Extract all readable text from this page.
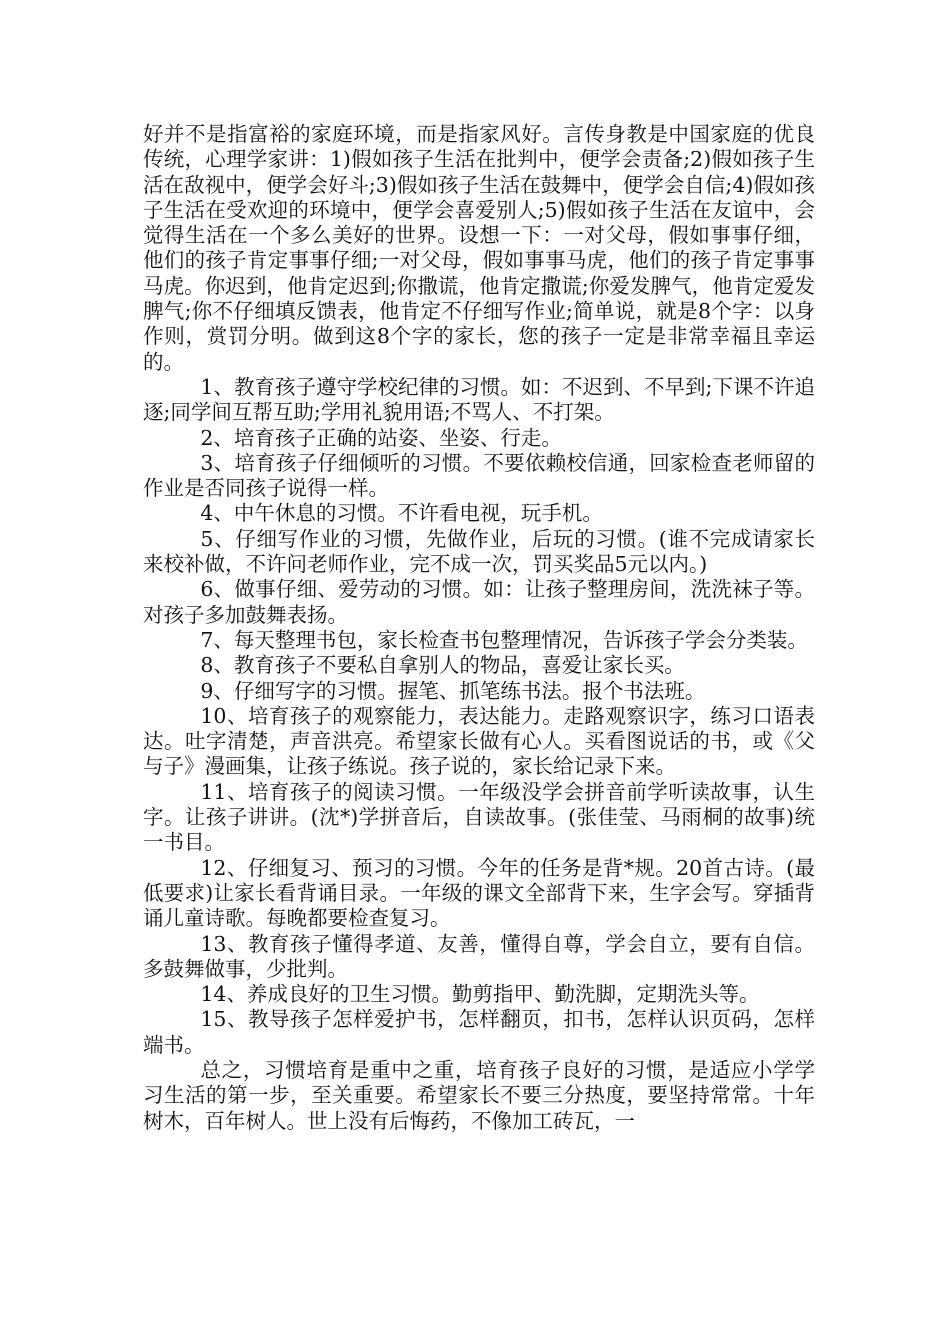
好并不是指富裕的家庭环境，而是指家风好。言传身教是中国家庭的优良传统，心理学家讲：1)假如孩子生活在批判中，便学会责备;2)假如孩子生活在敌视中，便学会好斗;3)假如孩子生活在鼓舞中，便学会自信;4)假如孩子生活在受欢迎的环境中，便学会喜爱别人;5)假如孩子生活在友谊中，会觉得生活在一个多么美好的世界。设想一下：一对父母，假如事事仔细，他们的孩子肯定事事仔细;一对父母，假如事事马虎，他们的孩子肯定事事马虎。你迟到，他肯定迟到;你撒谎，他肯定撒谎;你爱发脾气，他肯定爱发脾气;你不仔细填反馈表，他肯定不仔细写作业;简单说，就是8个字：以身作则，赏罚分明。做到这8个字的家长，您的孩子一定是非常幸福且幸运的。

1、教育孩子遵守学校纪律的习惯。如：不迟到、不早到;下课不许追逐;同学间互帮互助;学用礼貌用语;不骂人、不打架。

2、培育孩子正确的站姿、坐姿、行走。

3、培育孩子仔细倾听的习惯。不要依赖校信通，回家检查老师留的作业是否同孩子说得一样。

4、中午休息的习惯。不许看电视，玩手机。

5、仔细写作业的习惯，先做作业，后玩的习惯。(谁不完成请家长来校补做，不许问老师作业，完不成一次，罚买奖品5元以内。)

6、做事仔细、爱劳动的习惯。如：让孩子整理房间，洗洗袜子等。对孩子多加鼓舞表扬。

7、每天整理书包，家长检查书包整理情况，告诉孩子学会分类装。

8、教育孩子不要私自拿别人的物品，喜爱让家长买。

9、仔细写字的习惯。握笔、抓笔练书法。报个书法班。

10、培育孩子的观察能力，表达能力。走路观察识字，练习口语表达。吐字清楚，声音洪亮。希望家长做有心人。买看图说话的书，或《父与子》漫画集，让孩子练说。孩子说的，家长给记录下来。

11、培育孩子的阅读习惯。一年级没学会拼音前学听读故事，认生字。让孩子讲讲。(沈*)学拼音后，自读故事。(张佳莹、马雨桐的故事)统一书目。

12、仔细复习、预习的习惯。今年的任务是背*规。20首古诗。(最低要求)让家长看背诵目录。一年级的课文全部背下来，生字会写。穿插背诵儿童诗歌。每晚都要检查复习。

13、教育孩子懂得孝道、友善，懂得自尊，学会自立，要有自信。多鼓舞做事，少批判。

14、养成良好的卫生习惯。勤剪指甲、勤洗脚，定期洗头等。

15、教导孩子怎样爱护书，怎样翻页，扣书，怎样认识页码，怎样端书。

总之，习惯培育是重中之重，培育孩子良好的习惯，是适应小学学习生活的第一步，至关重要。希望家长不要三分热度，要坚持常常。十年树木，百年树人。世上没有后悔药，不像加工砖瓦，一
